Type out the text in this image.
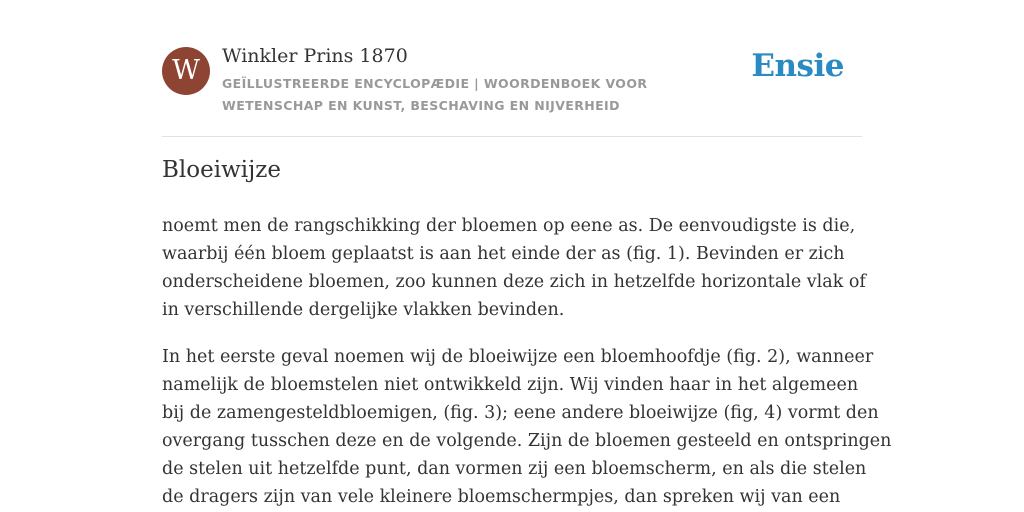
W	Winkler Prins 1870
GEÏLLUSTREERDE ENCYCLOPÆDIE | WOORDENBOEK VOOR WETENSCHAP EN KUNST, BESCHAVING EN NIJVERHEID
Ensie
Bloeiwijze

noemt men de rangschikking der bloemen op eene as. De eenvoudigste is die,
waarbij één bloem geplaatst is aan het einde der as (fig. 1). Bevinden er zich
onderscheidene bloemen, zoo kunnen deze zich in hetzelfde horizontale vlak of
in verschillende dergelijke vlakken bevinden.

In het eerste geval noemen wij de bloeiwijze een bloemhoofdje (fig. 2), wanneer
namelijk de bloemstelen niet ontwikkeld zijn. Wij vinden haar in het algemeen
bij de zamengesteldbloemigen, (fig. 3); eene andere bloeiwijze (fig, 4) vormt den
overgang tusschen deze en de volgende. Zijn de bloemen gesteeld en ontspringen
de stelen uit hetzelfde punt, dan vormen zij een bloemscherm, en als die stelen
de dragers zijn van vele kleinere bloemschermpjes, dan spreken wij van een
